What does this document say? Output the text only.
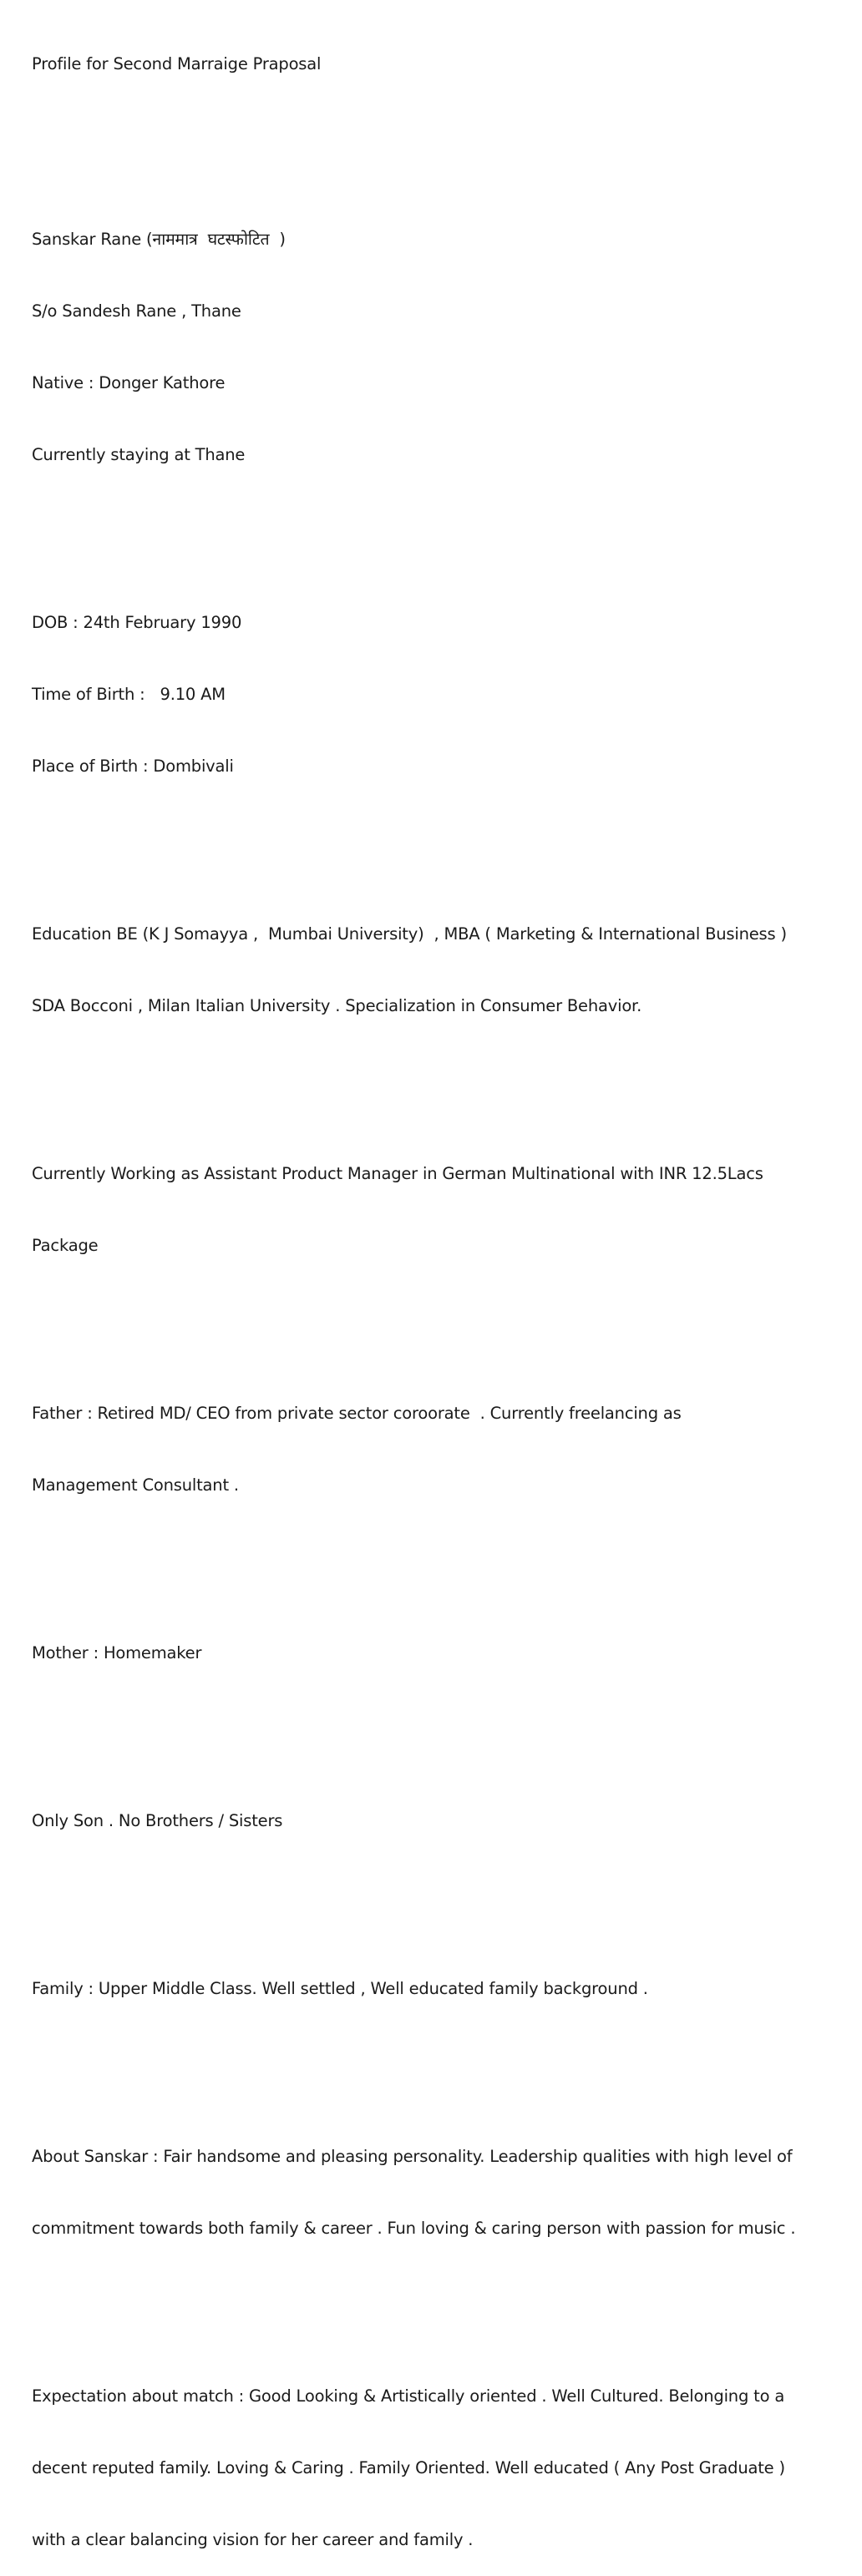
Profile for Second Marraige Praposal

Sanskar Rane (नाममात्र  घटस्फोटित  )

S/o Sandesh Rane , Thane

Native : Donger Kathore

Currently staying at Thane

DOB : 24th February 1990

Time of Birth :   9.10 AM

Place of Birth : Dombivali

Education BE (K J Somayya ,  Mumbai University)  , MBA ( Marketing & International Business )

SDA Bocconi , Milan Italian University . Specialization in Consumer Behavior.

Currently Working as Assistant Product Manager in German Multinational with INR 12.5Lacs

Package

Father : Retired MD/ CEO from private sector coroorate  . Currently freelancing as

Management Consultant .

Mother : Homemaker

Only Son . No Brothers / Sisters

Family : Upper Middle Class. Well settled , Well educated family background .

About Sanskar : Fair handsome and pleasing personality. Leadership qualities with high level of

commitment towards both family & career . Fun loving & caring person with passion for music .

Expectation about match : Good Looking & Artistically oriented . Well Cultured. Belonging to a

decent reputed family. Loving & Caring . Family Oriented. Well educated ( Any Post Graduate )

with a clear balancing vision for her career and family .
